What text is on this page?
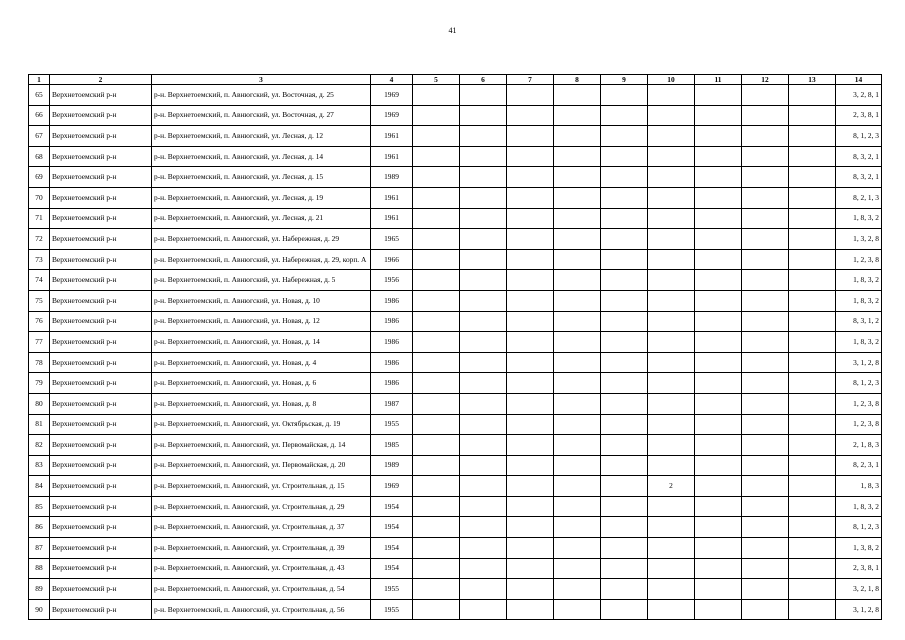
41
1	2	3	4	5	6	7	8	9	10	11	12	13	14
65	Верхнетоемский р-н	р-н. Верхнетоемский, п. Авнюгский, ул. Восточная, д. 25	1969										3, 2, 8, 1
66	Верхнетоемский р-н	р-н. Верхнетоемский, п. Авнюгский, ул. Восточная, д. 27	1969										2, 3, 8, 1
67	Верхнетоемский р-н	р-н. Верхнетоемский, п. Авнюгский, ул. Лесная, д. 12	1961										8, 1, 2, 3
68	Верхнетоемский р-н	р-н. Верхнетоемский, п. Авнюгский, ул. Лесная, д. 14	1961										8, 3, 2, 1
69	Верхнетоемский р-н	р-н. Верхнетоемский, п. Авнюгский, ул. Лесная, д. 15	1989										8, 3, 2, 1
70	Верхнетоемский р-н	р-н. Верхнетоемский, п. Авнюгский, ул. Лесная, д. 19	1961										8, 2, 1, 3
71	Верхнетоемский р-н	р-н. Верхнетоемский, п. Авнюгский, ул. Лесная, д. 21	1961										1, 8, 3, 2
72	Верхнетоемский р-н	р-н. Верхнетоемский, п. Авнюгский, ул. Набережная, д. 29	1965										1, 3, 2, 8
73	Верхнетоемский р-н	р-н. Верхнетоемский, п. Авнюгский, ул. Набережная, д. 29, корп. А	1966										1, 2, 3, 8
74	Верхнетоемский р-н	р-н. Верхнетоемский, п. Авнюгский, ул. Набережная, д. 5	1956										1, 8, 3, 2
75	Верхнетоемский р-н	р-н. Верхнетоемский, п. Авнюгский, ул. Новая, д. 10	1986										1, 8, 3, 2
76	Верхнетоемский р-н	р-н. Верхнетоемский, п. Авнюгский, ул. Новая, д. 12	1986										8, 3, 1, 2
77	Верхнетоемский р-н	р-н. Верхнетоемский, п. Авнюгский, ул. Новая, д. 14	1986										1, 8, 3, 2
78	Верхнетоемский р-н	р-н. Верхнетоемский, п. Авнюгский, ул. Новая, д. 4	1986										3, 1, 2, 8
79	Верхнетоемский р-н	р-н. Верхнетоемский, п. Авнюгский, ул. Новая, д. 6	1986										8, 1, 2, 3
80	Верхнетоемский р-н	р-н. Верхнетоемский, п. Авнюгский, ул. Новая, д. 8	1987										1, 2, 3, 8
81	Верхнетоемский р-н	р-н. Верхнетоемский, п. Авнюгский, ул. Октябрьская, д. 19	1955										1, 2, 3, 8
82	Верхнетоемский р-н	р-н. Верхнетоемский, п. Авнюгский, ул. Первомайская, д. 14	1985										2, 1, 8, 3
83	Верхнетоемский р-н	р-н. Верхнетоемский, п. Авнюгский, ул. Первомайская, д. 20	1989										8, 2, 3, 1
84	Верхнетоемский р-н	р-н. Верхнетоемский, п. Авнюгский, ул. Строительная, д. 15	1969						2				1, 8, 3
85	Верхнетоемский р-н	р-н. Верхнетоемский, п. Авнюгский, ул. Строительная, д. 29	1954										1, 8, 3, 2
86	Верхнетоемский р-н	р-н. Верхнетоемский, п. Авнюгский, ул. Строительная, д. 37	1954										8, 1, 2, 3
87	Верхнетоемский р-н	р-н. Верхнетоемский, п. Авнюгский, ул. Строительная, д. 39	1954										1, 3, 8, 2
88	Верхнетоемский р-н	р-н. Верхнетоемский, п. Авнюгский, ул. Строительная, д. 43	1954										2, 3, 8, 1
89	Верхнетоемский р-н	р-н. Верхнетоемский, п. Авнюгский, ул. Строительная, д. 54	1955										3, 2, 1, 8
90	Верхнетоемский р-н	р-н. Верхнетоемский, п. Авнюгский, ул. Строительная, д. 56	1955										3, 1, 2, 8
